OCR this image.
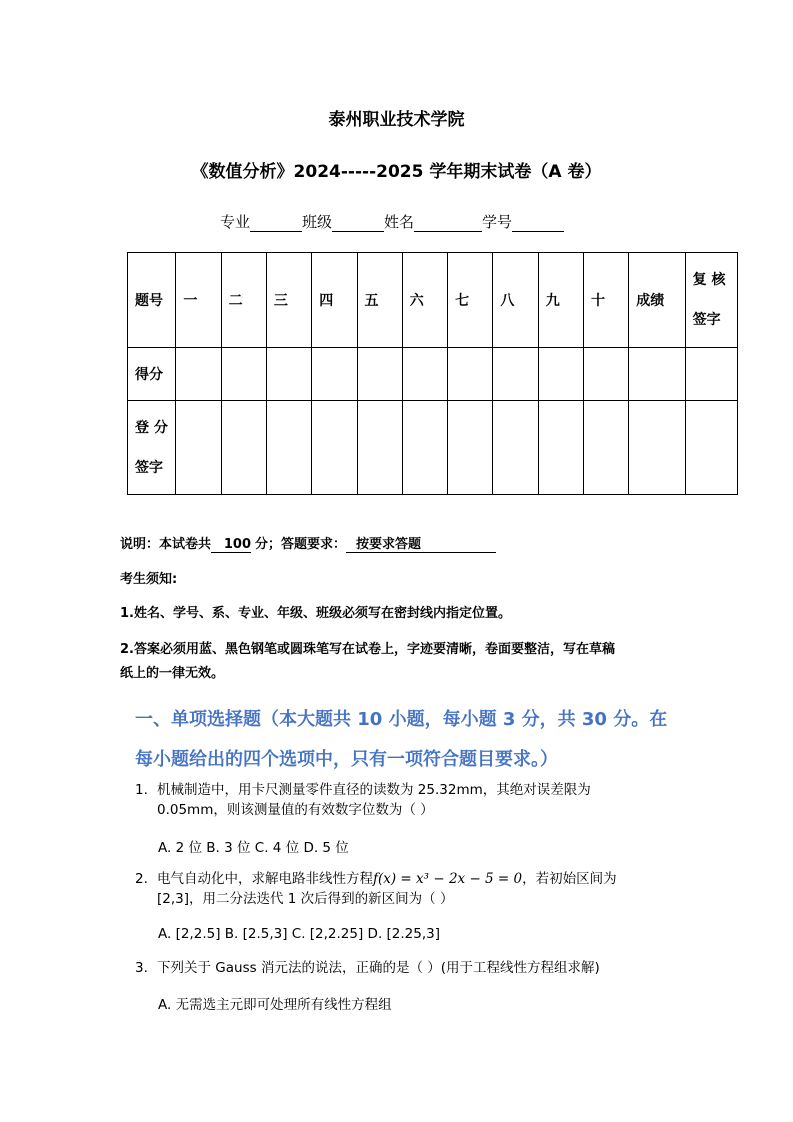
泰州职业技术学院
《数值分析》2024-----2025 学年期末试卷（A 卷）
专业	班级	姓名	学号
题号	一	二	三	四	五	六	七	八	九	十	成绩	复 核
签字

得分												

登 分
签字												

说明：本试卷共 100 分；答题要求： 按要求答题
考生须知:
1.姓名、学号、系、专业、年级、班级必须写在密封线内指定位置。
2.答案必须用蓝、黑色钢笔或圆珠笔写在试卷上，字迹要清晰，卷面要整洁，写在草稿
纸上的一律无效。
一、单项选择题（本大题共 10 小题，每小题 3 分，共 30 分。在
每小题给出的四个选项中，只有一项符合题目要求。）
1. 机械制造中，用卡尺测量零件直径的读数为 25.32mm，其绝对误差限为
0.05mm，则该测量值的有效数字位数为（ ）
A. 2 位 B. 3 位 C. 4 位 D. 5 位
2. 电气自动化中，求解电路非线性方程f(x) = x³ − 2x − 5 = 0，若初始区间为
[2,3]，用二分法迭代 1 次后得到的新区间为（ ）
A. [2,2.5] B. [2.5,3] C. [2,2.25] D. [2.25,3]
3. 下列关于 Gauss 消元法的说法，正确的是（ ）(用于工程线性方程组求解)
A. 无需选主元即可处理所有线性方程组
